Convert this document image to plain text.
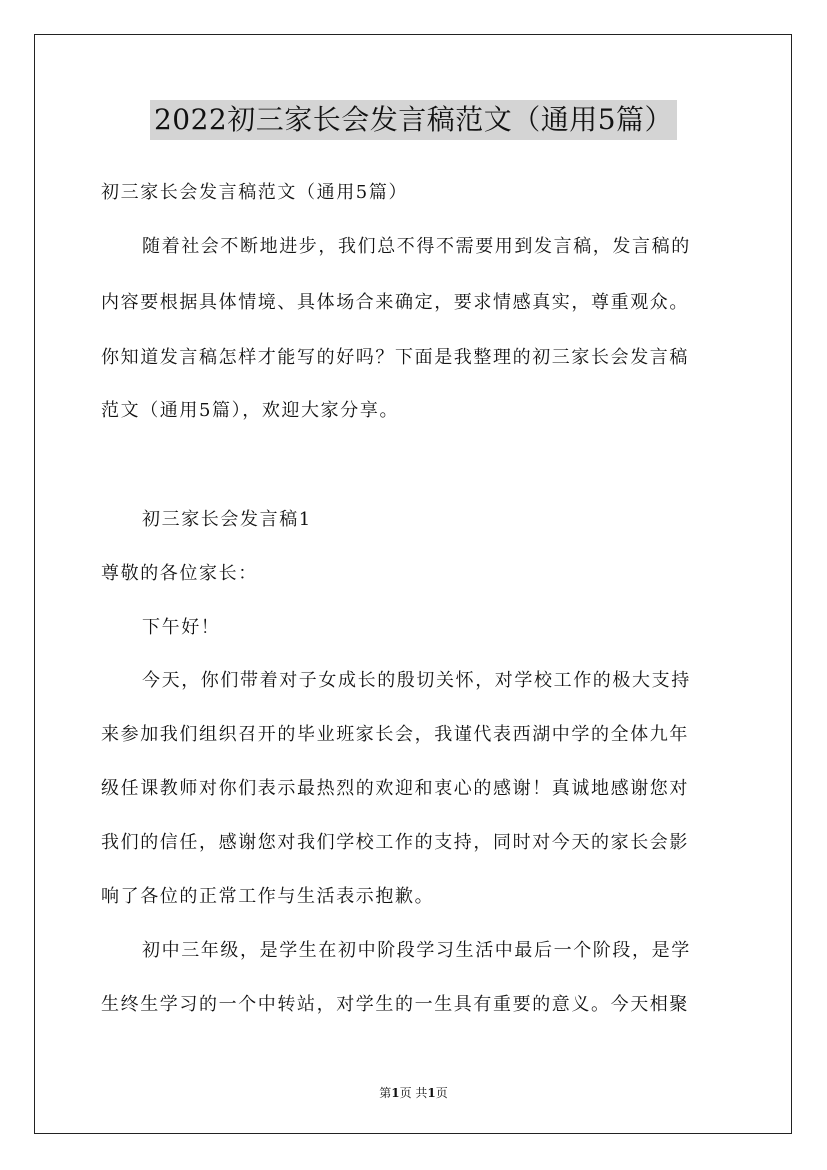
2022初三家长会发言稿范文（通用5篇）
初三家长会发言稿范文（通用5篇）
随着社会不断地进步，我们总不得不需要用到发言稿，发言稿的
内容要根据具体情境、具体场合来确定，要求情感真实，尊重观众。
你知道发言稿怎样才能写的好吗？下面是我整理的初三家长会发言稿
范文（通用5篇），欢迎大家分享。
初三家长会发言稿1
尊敬的各位家长：
下午好！
今天，你们带着对子女成长的殷切关怀，对学校工作的极大支持
来参加我们组织召开的毕业班家长会，我谨代表西湖中学的全体九年
级任课教师对你们表示最热烈的欢迎和衷心的感谢！真诚地感谢您对
我们的信任，感谢您对我们学校工作的支持，同时对今天的家长会影
响了各位的正常工作与生活表示抱歉。
初中三年级，是学生在初中阶段学习生活中最后一个阶段，是学
生终生学习的一个中转站，对学生的一生具有重要的意义。今天相聚
第1页 共1页
